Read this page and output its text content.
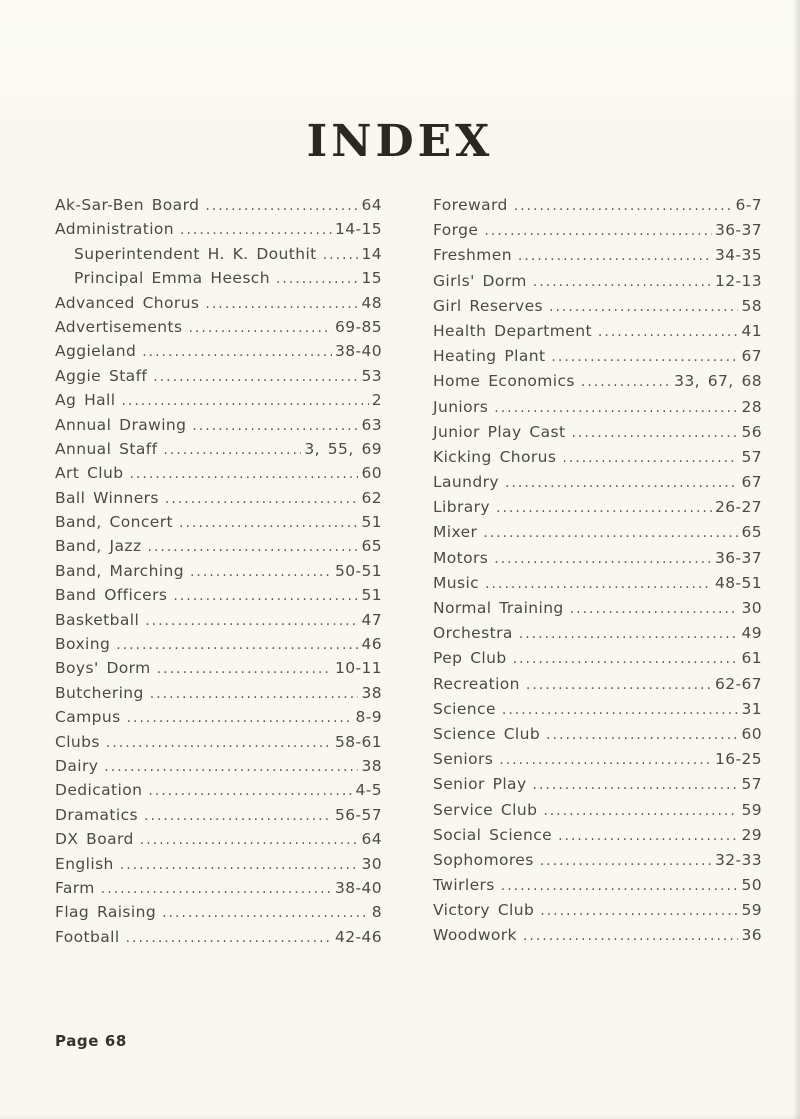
INDEX
Ak-Sar-Ben Board .....	64
Administration .....	14-15
Superintendent H. K. Douthit .....	14
Principal Emma Heesch .....	15
Advanced Chorus .....	48
Advertisements .....	69-85
Aggieland .....	38-40
Aggie Staff .....	53
Ag Hall .....	2
Annual Drawing .....	63
Annual Staff .....	3, 55, 69
Art Club .....	60
Ball Winners .....	62
Band, Concert .....	51
Band, Jazz .....	65
Band, Marching .....	50-51
Band Officers .....	51
Basketball .....	47
Boxing .....	46
Boys' Dorm .....	10-11
Butchering .....	38
Campus .....	8-9
Clubs .....	58-61
Dairy .....	38
Dedication .....	4-5
Dramatics .....	56-57
DX Board .....	64
English .....	30
Farm .....	38-40
Flag Raising .....	8
Football .....	42-46
Foreward .....	6-7
Forge .....	36-37
Freshmen .....	34-35
Girls' Dorm .....	12-13
Girl Reserves .....	58
Health Department .....	41
Heating Plant .....	67
Home Economics .....	33, 67, 68
Juniors .....	28
Junior Play Cast .....	56
Kicking Chorus .....	57
Laundry .....	67
Library .....	26-27
Mixer .....	65
Motors .....	36-37
Music .....	48-51
Normal Training .....	30
Orchestra .....	49
Pep Club .....	61
Recreation .....	62-67
Science .....	31
Science Club .....	60
Seniors .....	16-25
Senior Play .....	57
Service Club .....	59
Social Science .....	29
Sophomores .....	32-33
Twirlers .....	50
Victory Club .....	59
Woodwork .....	36
Page 68
